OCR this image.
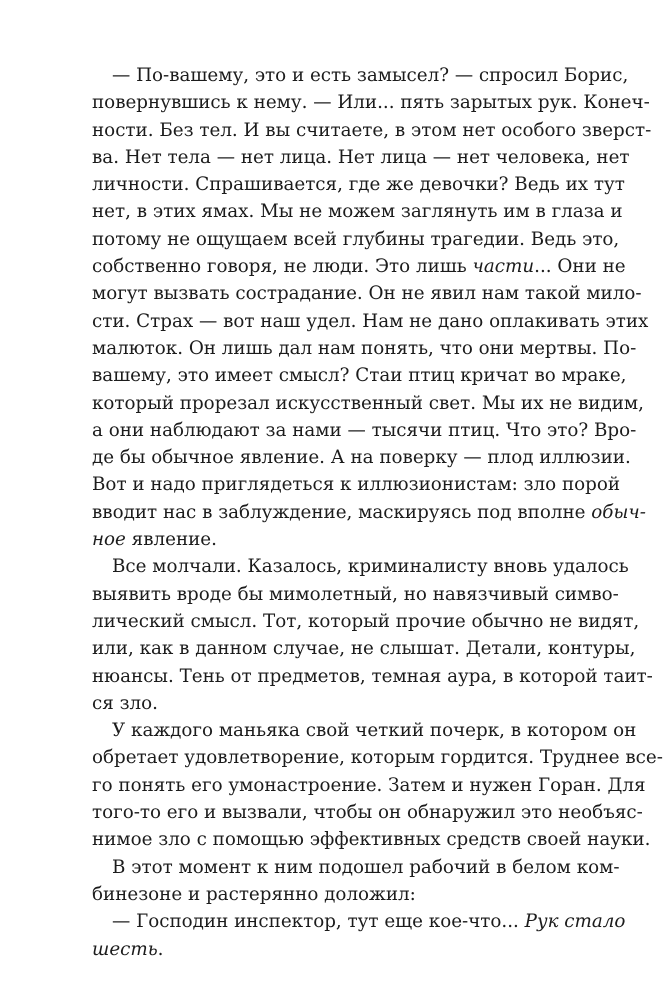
— По-вашему, это и есть замысел? — спросил Борис,
повернувшись к нему. — Или... пять зарытых рук. Конеч-
ности. Без тел. И вы считаете, в этом нет особого зверст-
ва. Нет тела — нет лица. Нет лица — нет человека, нет
личности. Спрашивается, где же девочки? Ведь их тут
нет, в этих ямах. Мы не можем заглянуть им в глаза и
потому не ощущаем всей глубины трагедии. Ведь это,
собственно говоря, не люди. Это лишь части... Они не
могут вызвать сострадание. Он не явил нам такой мило-
сти. Страх — вот наш удел. Нам не дано оплакивать этих
малюток. Он лишь дал нам понять, что они мертвы. По-
вашему, это имеет смысл? Стаи птиц кричат во мраке,
который прорезал искусственный свет. Мы их не видим,
а они наблюдают за нами — тысячи птиц. Что это? Вро-
де бы обычное явление. А на поверку — плод иллюзии.
Вот и надо приглядеться к иллюзионистам: зло порой
вводит нас в заблуждение, маскируясь под вполне обыч-
ное явление.
Все молчали. Казалось, криминалисту вновь удалось
выявить вроде бы мимолетный, но навязчивый симво-
лический смысл. Тот, который прочие обычно не видят,
или, как в данном случае, не слышат. Детали, контуры,
нюансы. Тень от предметов, темная аура, в которой таит-
ся зло.
У каждого маньяка свой четкий почерк, в котором он
обретает удовлетворение, которым гордится. Труднее все-
го понять его умонастроение. Затем и нужен Горан. Для
того-то его и вызвали, чтобы он обнаружил это необъяс-
нимое зло с помощью эффективных средств своей науки.
В этот момент к ним подошел рабочий в белом ком-
бинезоне и растерянно доложил:
— Господин инспектор, тут еще кое-что... Рук стало
шесть.
